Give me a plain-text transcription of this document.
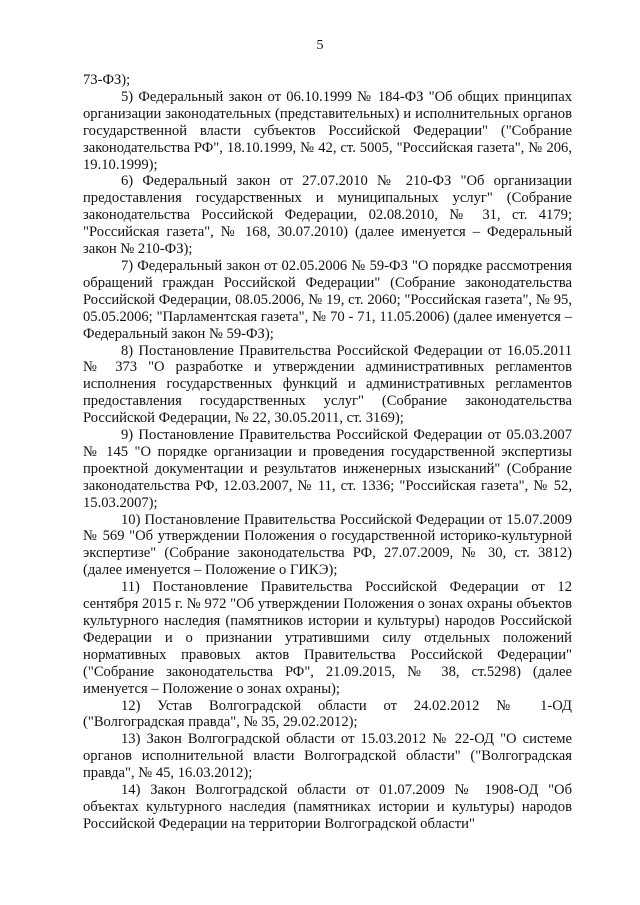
5

73-ФЗ);

5) Федеральный закон от 06.10.1999 № 184-ФЗ "Об общих принципах организации законодательных (представительных) и исполнительных органов государственной власти субъектов Российской Федерации" ("Собрание законодательства РФ", 18.10.1999, № 42, ст. 5005, "Российская газета", № 206, 19.10.1999);

6) Федеральный закон от 27.07.2010 № 210-ФЗ "Об организации предоставления государственных и муниципальных услуг" (Собрание законодательства Российской Федерации, 02.08.2010, № 31, ст. 4179; "Российская газета", № 168, 30.07.2010) (далее именуется – Федеральный закон № 210-ФЗ);

7) Федеральный закон от 02.05.2006 № 59-ФЗ "О порядке рассмотрения обращений граждан Российской Федерации" (Собрание законодательства Российской Федерации, 08.05.2006, № 19, ст. 2060; "Российская газета", № 95, 05.05.2006; "Парламентская газета", № 70 - 71, 11.05.2006) (далее именуется – Федеральный закон № 59-ФЗ);

8) Постановление Правительства Российской Федерации от 16.05.2011 № 373 "О разработке и утверждении административных регламентов исполнения государственных функций и административных регламентов предоставления государственных услуг" (Собрание законодательства Российской Федерации, № 22, 30.05.2011, ст. 3169);

9) Постановление Правительства Российской Федерации от 05.03.2007 № 145 "О порядке организации и проведения государственной экспертизы проектной документации и результатов инженерных изысканий" (Собрание законодательства РФ, 12.03.2007, № 11, ст. 1336; "Российская газета", № 52, 15.03.2007);

10) Постановление Правительства Российской Федерации от 15.07.2009 № 569 "Об утверждении Положения о государственной историко-культурной экспертизе" (Собрание законодательства РФ, 27.07.2009, № 30, ст. 3812) (далее именуется – Положение о ГИКЭ);

11) Постановление Правительства Российской Федерации от 12 сентября 2015 г. № 972 "Об утверждении Положения о зонах охраны объектов культурного наследия (памятников истории и культуры) народов Российской Федерации и о признании утратившими силу отдельных положений нормативных правовых актов Правительства Российской Федерации" ("Собрание законодательства РФ", 21.09.2015, № 38, ст.5298) (далее именуется – Положение о зонах охраны);

12) Устав Волгоградской области от 24.02.2012 № 1-ОД ("Волгоградская правда", № 35, 29.02.2012);

13) Закон Волгоградской области от 15.03.2012 № 22-ОД "О системе органов исполнительной власти Волгоградской области" ("Волгоградская правда", № 45, 16.03.2012);

14) Закон Волгоградской области от 01.07.2009 № 1908-ОД "Об объектах культурного наследия (памятниках истории и культуры) народов Российской Федерации на территории Волгоградской области"
